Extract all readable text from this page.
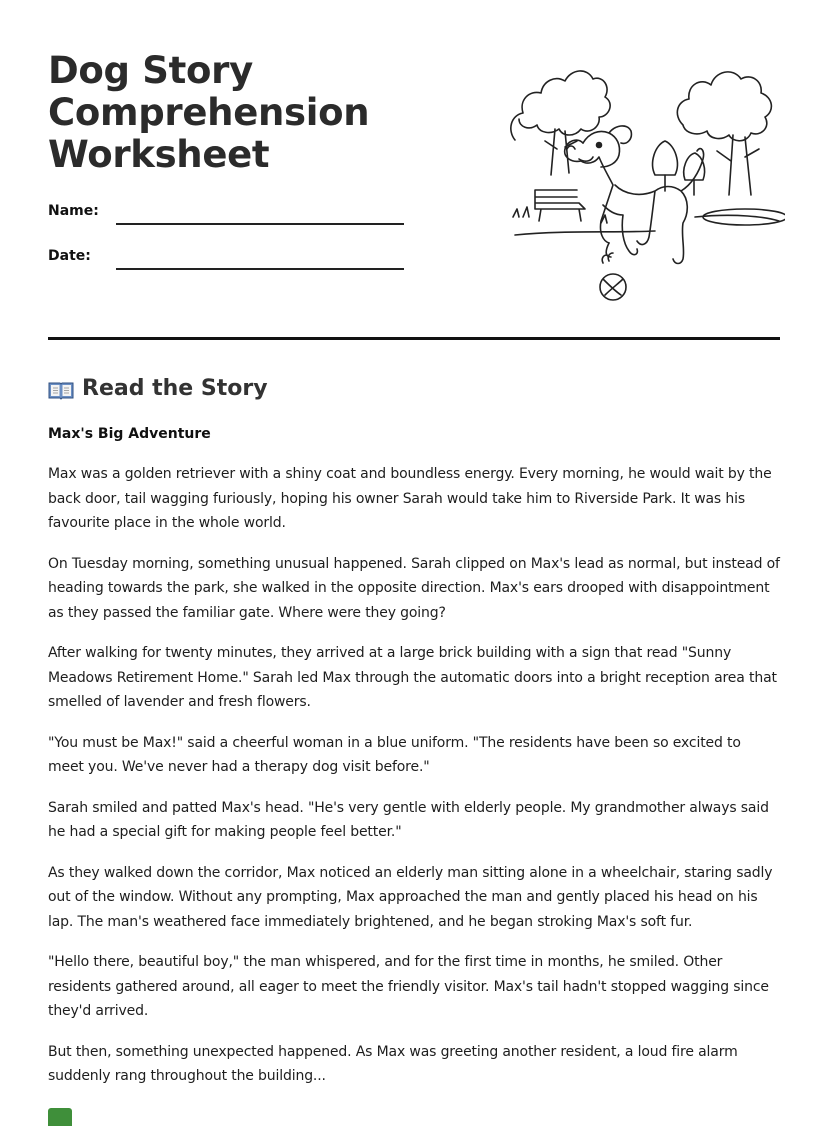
Dog Story Comprehension Worksheet
Name:
Date:
Read the Story
Max's Big Adventure

Max was a golden retriever with a shiny coat and boundless energy. Every morning, he would wait by the back door, tail wagging furiously, hoping his owner Sarah would take him to Riverside Park. It was his favourite place in the whole world.

On Tuesday morning, something unusual happened. Sarah clipped on Max's lead as normal, but instead of heading towards the park, she walked in the opposite direction. Max's ears drooped with disappointment as they passed the familiar gate. Where were they going?

After walking for twenty minutes, they arrived at a large brick building with a sign that read "Sunny Meadows Retirement Home." Sarah led Max through the automatic doors into a bright reception area that smelled of lavender and fresh flowers.

"You must be Max!" said a cheerful woman in a blue uniform. "The residents have been so excited to meet you. We've never had a therapy dog visit before."

Sarah smiled and patted Max's head. "He's very gentle with elderly people. My grandmother always said he had a special gift for making people feel better."

As they walked down the corridor, Max noticed an elderly man sitting alone in a wheelchair, staring sadly out of the window. Without any prompting, Max approached the man and gently placed his head on his lap. The man's weathered face immediately brightened, and he began stroking Max's soft fur.

"Hello there, beautiful boy," the man whispered, and for the first time in months, he smiled. Other residents gathered around, all eager to meet the friendly visitor. Max's tail hadn't stopped wagging since they'd arrived.

But then, something unexpected happened. As Max was greeting another resident, a loud fire alarm suddenly rang throughout the building...
